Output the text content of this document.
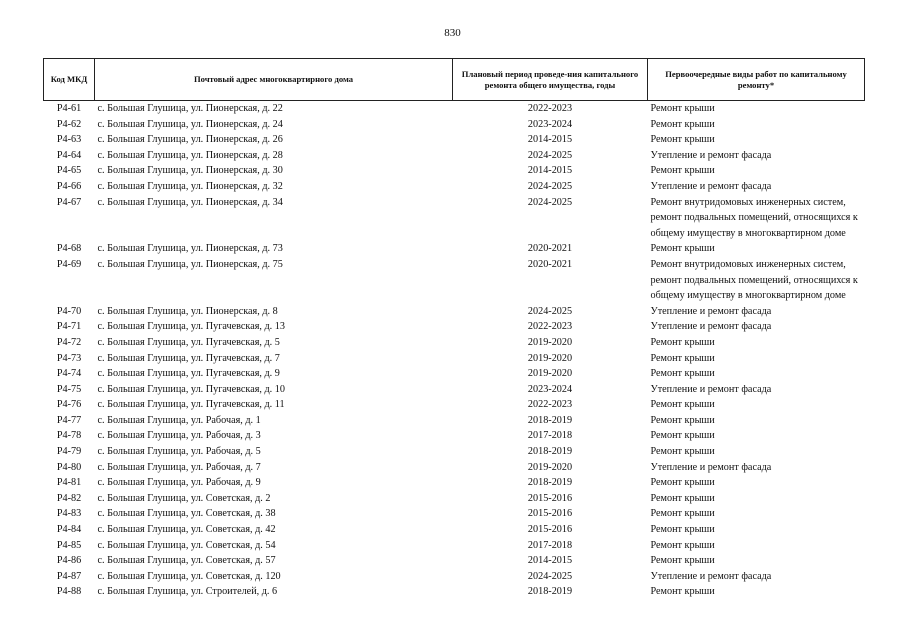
830
Код МКД	Почтовый адрес многоквартирного дома	Плановый период проведе-ния капитального ремонта общего имущества, годы	Первоочередные виды работ по капитальному ремонту*
Р4-61	с. Большая Глушица, ул. Пионерская, д. 22	2022-2023	Ремонт крыши

Р4-62	с. Большая Глушица, ул. Пионерская, д. 24	2023-2024	Ремонт крыши

Р4-63	с. Большая Глушица, ул. Пионерская, д. 26	2014-2015	Ремонт крыши

Р4-64	с. Большая Глушица, ул. Пионерская, д. 28	2024-2025	Утепление и ремонт фасада

Р4-65	с. Большая Глушица, ул. Пионерская, д. 30	2014-2015	Ремонт крыши

Р4-66	с. Большая Глушица, ул. Пионерская, д. 32	2024-2025	Утепление и ремонт фасада

Р4-67	с. Большая Глушица, ул. Пионерская, д. 34	2024-2025	Ремонт внутридомовых инженерных систем,
ремонт подвальных помещений, относящихся к
общему имуществу в многоквартирном доме

Р4-68	с. Большая Глушица, ул. Пионерская, д. 73	2020-2021	Ремонт крыши

Р4-69	с. Большая Глушица, ул. Пионерская, д. 75	2020-2021	Ремонт внутридомовых инженерных систем,
ремонт подвальных помещений, относящихся к
общему имуществу в многоквартирном доме

Р4-70	с. Большая Глушица, ул. Пионерская, д. 8	2024-2025	Утепление и ремонт фасада

Р4-71	с. Большая Глушица, ул. Пугачевская, д. 13	2022-2023	Утепление и ремонт фасада

Р4-72	с. Большая Глушица, ул. Пугачевская, д. 5	2019-2020	Ремонт крыши

Р4-73	с. Большая Глушица, ул. Пугачевская, д. 7	2019-2020	Ремонт крыши

Р4-74	с. Большая Глушица, ул. Пугачевская, д. 9	2019-2020	Ремонт крыши

Р4-75	с. Большая Глушица, ул. Пугачевская, д. 10	2023-2024	Утепление и ремонт фасада

Р4-76	с. Большая Глушица, ул. Пугачевская, д. 11	2022-2023	Ремонт крыши

Р4-77	с. Большая Глушица, ул. Рабочая, д. 1	2018-2019	Ремонт крыши

Р4-78	с. Большая Глушица, ул. Рабочая, д. 3	2017-2018	Ремонт крыши

Р4-79	с. Большая Глушица, ул. Рабочая, д. 5	2018-2019	Ремонт крыши

Р4-80	с. Большая Глушица, ул. Рабочая, д. 7	2019-2020	Утепление и ремонт фасада

Р4-81	с. Большая Глушица, ул. Рабочая, д. 9	2018-2019	Ремонт крыши

Р4-82	с. Большая Глушица, ул. Советская, д. 2	2015-2016	Ремонт крыши

Р4-83	с. Большая Глушица, ул. Советская, д. 38	2015-2016	Ремонт крыши

Р4-84	с. Большая Глушица, ул. Советская, д. 42	2015-2016	Ремонт крыши

Р4-85	с. Большая Глушица, ул. Советская, д. 54	2017-2018	Ремонт крыши

Р4-86	с. Большая Глушица, ул. Советская, д. 57	2014-2015	Ремонт крыши

Р4-87	с. Большая Глушица, ул. Советская, д. 120	2024-2025	Утепление и ремонт фасада

Р4-88	с. Большая Глушица, ул. Строителей, д. 6	2018-2019	Ремонт крыши
